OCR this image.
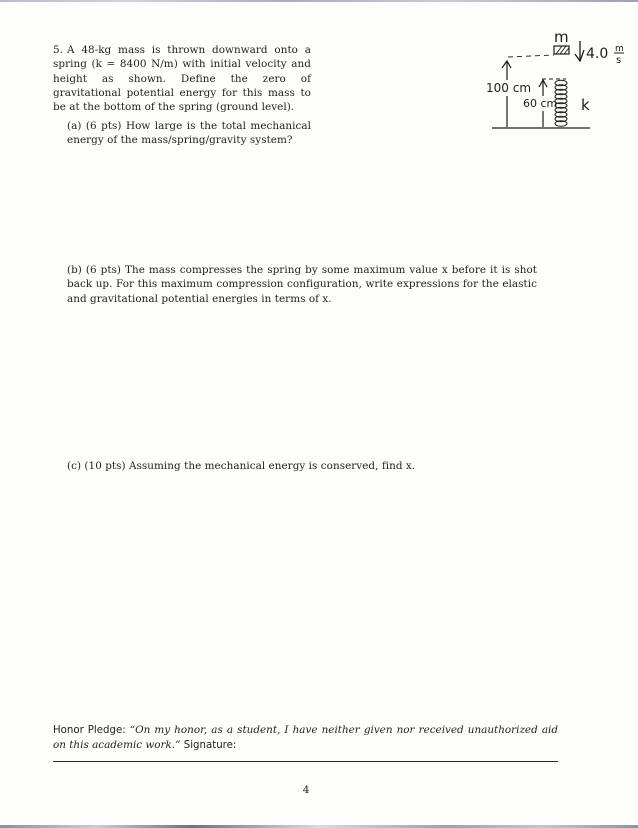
5. A 48-kg mass is thrown downward onto a spring (k = 8400 N/m) with initial velocity and height as shown. Define the zero of gravitational potential energy for this mass to be at the bottom of the spring (ground level).
(a) (6 pts) How large is the total mechanical energy of the mass/spring/gravity system?
m
4.0 m
s
100 cm
60 cm k
(b) (6 pts) The mass compresses the spring by some maximum value x before it is shot back up. For this maximum compression configuration, write expressions for the elastic and gravitational potential energies in terms of x.
(c) (10 pts) Assuming the mechanical energy is conserved, find x.
Honor Pledge: “On my honor, as a student, I have neither given nor received unauthorized aid on this academic work.” Signature:
4
